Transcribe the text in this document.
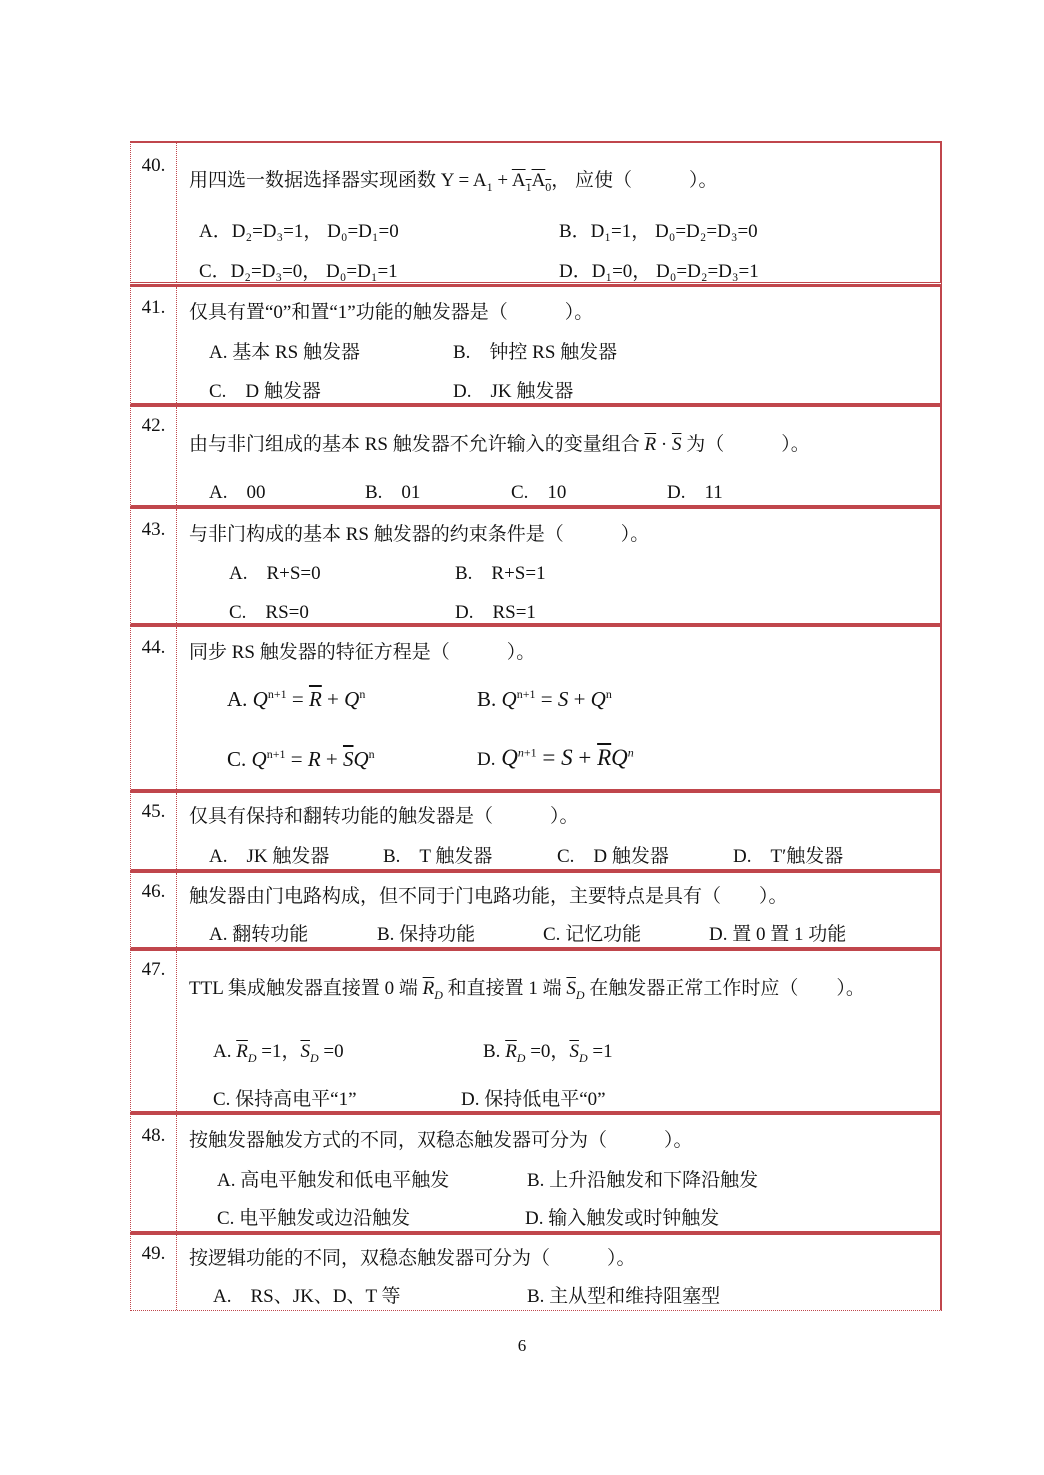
40.
用四选一数据选择器实现函数 $Y = A_1 + A_1A_0$， 应使（　　　）。
A．D₂=D₃=1， D₀=D₁=0	B．D₁=1， D₀=D₂=D₃=0
C．D₂=D₃=0， D₀=D₁=1	D．D₁=0， D₀=D₂=D₃=1
41.	仅具有置“0”和置“1”功能的触发器是（　　　）。
A. 基本 RS 触发器	B.　钟控 RS 触发器
C.　D 触发器	D.　JK 触发器
42.
由与非门组成的基本 RS 触发器不允许输入的变量组合 $\overline{R} \cdot \overline{S}$ 为（　　　）。
A.　00	B.　01	C.　10	D.　11
43.	与非门构成的基本 RS 触发器的约束条件是（　　　）。
A.　R+S=0	B.　R+S=1
C.　RS=0	D.　RS=1
44.	同步 RS 触发器的特征方程是（　　　）。
A. $Q^{n+1} = \overline{R} + Q^n$	B. $Q^{n+1} = S + Q^n$
C. $Q^{n+1} = R + \overline{S}Q^n$	D. $Q^{n+1} = S + \overline{R}Q^n$
45.	仅具有保持和翻转功能的触发器是（　　　）。
A.　JK 触发器	B.　T 触发器	C.　D 触发器	D.　T′触发器
46.	触发器由门电路构成，但不同于门电路功能，主要特点是具有（　　）。
A. 翻转功能	B. 保持功能	C. 记忆功能	D. 置 0 置 1 功能
47.
TTL 集成触发器直接置 0 端 $\overline{R}_D$ 和直接置 1 端 $\overline{S}_D$ 在触发器正常工作时应（　　）。
A. $\overline{R}_D =1$，$\overline{S}_D =0$	B. $\overline{R}_D =0$，$\overline{S}_D =1$
C. 保持高电平“1”	D. 保持低电平“0”
48.	按触发器触发方式的不同，双稳态触发器可分为（　　　）。
A. 高电平触发和低电平触发	B. 上升沿触发和下降沿触发
C. 电平触发或边沿触发	D. 输入触发或时钟触发
49.	按逻辑功能的不同，双稳态触发器可分为（　　　）。
A.　RS、JK、D、T 等	B. 主从型和维持阻塞型
6
